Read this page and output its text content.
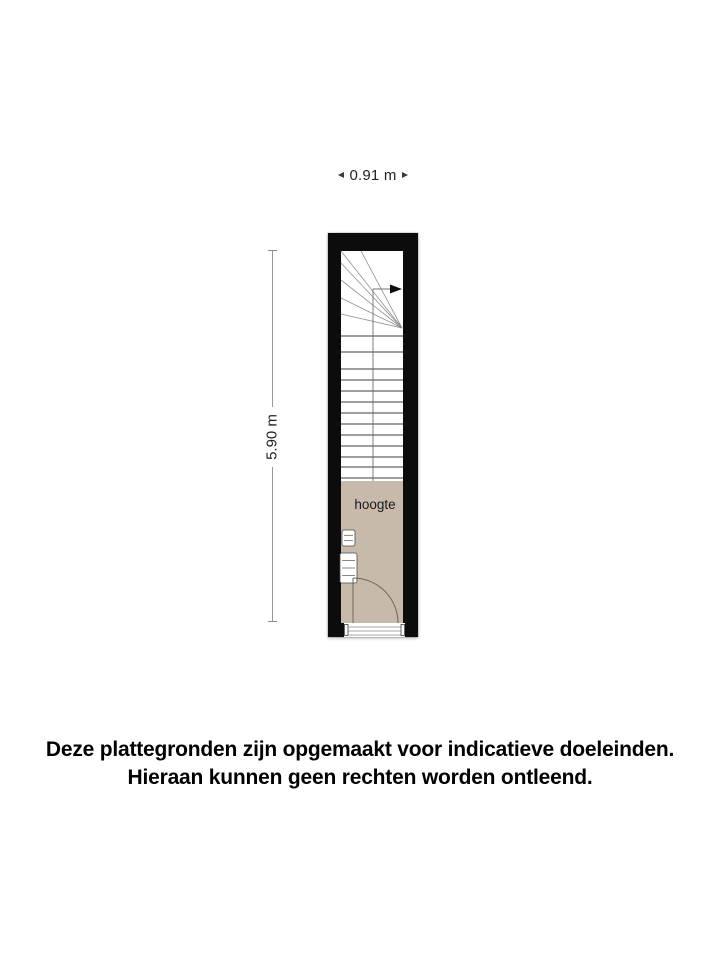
0.91 m
5.90 m
hoogte
Deze plattegronden zijn opgemaakt voor indicatieve doeleinden.
Hieraan kunnen geen rechten worden ontleend.
